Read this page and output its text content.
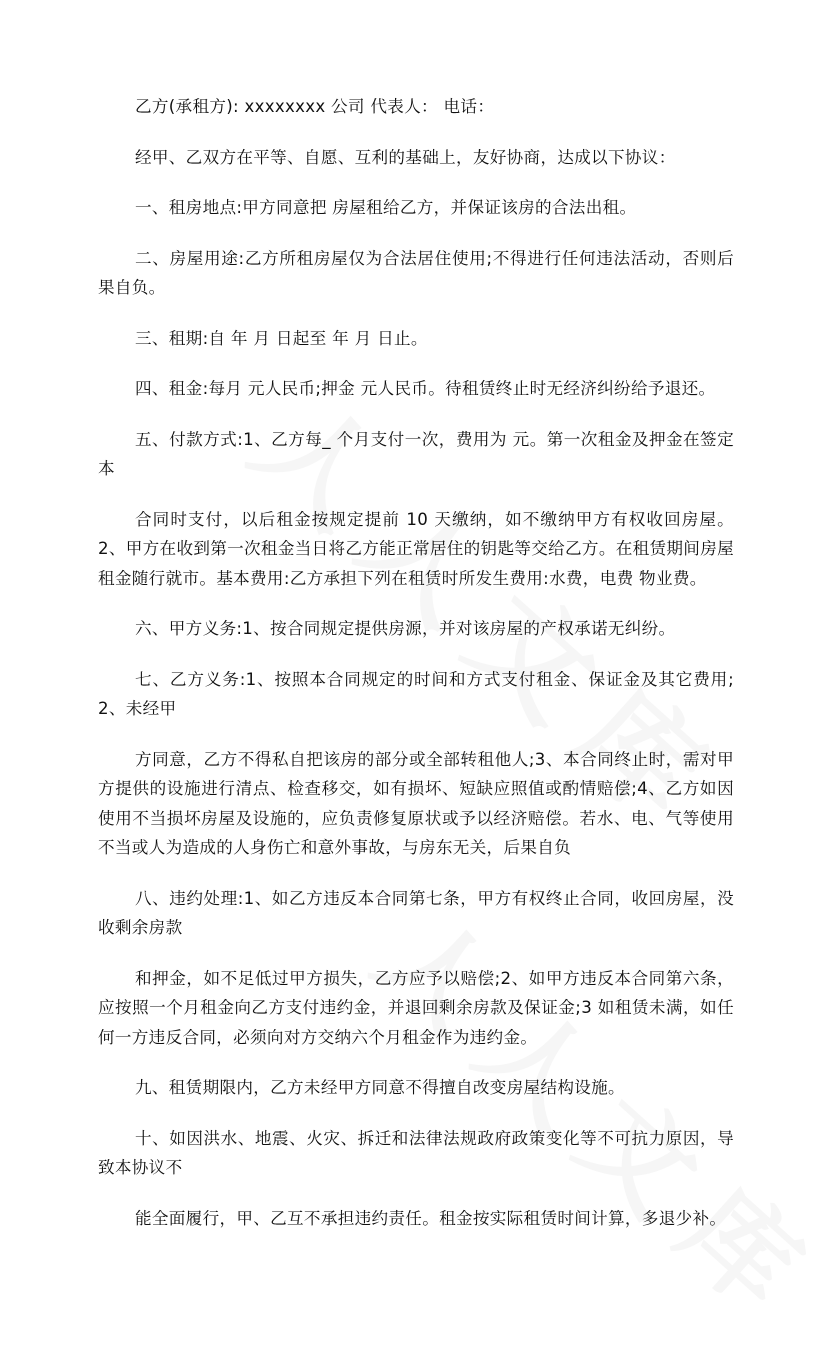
乙方(承租方): xxxxxxxx 公司 代表人： 电话：

经甲、乙双方在平等、自愿、互利的基础上，友好协商，达成以下协议：

一、租房地点:甲方同意把 房屋租给乙方，并保证该房的合法出租。

二、房屋用途:乙方所租房屋仅为合法居住使用;不得进行任何违法活动，否则后果自负。

三、租期:自 年 月 日起至 年 月 日止。

四、租金:每月 元人民币;押金 元人民币。待租赁终止时无经济纠纷给予退还。

五、付款方式:1、乙方每_ 个月支付一次，费用为 元。第一次租金及押金在签定本

合同时支付，以后租金按规定提前 10 天缴纳，如不缴纳甲方有权收回房屋。2、甲方在收到第一次租金当日将乙方能正常居住的钥匙等交给乙方。在租赁期间房屋租金随行就市。基本费用:乙方承担下列在租赁时所发生费用:水费，电费 物业费。

六、甲方义务:1、按合同规定提供房源，并对该房屋的产权承诺无纠纷。

七、乙方义务:1、按照本合同规定的时间和方式支付租金、保证金及其它费用;2、未经甲

方同意，乙方不得私自把该房的部分或全部转租他人;3、本合同终止时，需对甲方提供的设施进行清点、检查移交，如有损坏、短缺应照值或酌情赔偿;4、乙方如因使用不当损坏房屋及设施的，应负责修复原状或予以经济赔偿。若水、电、气等使用不当或人为造成的人身伤亡和意外事故，与房东无关，后果自负

八、违约处理:1、如乙方违反本合同第七条，甲方有权终止合同，收回房屋，没收剩余房款

和押金，如不足低过甲方损失，乙方应予以赔偿;2、如甲方违反本合同第六条，应按照一个月租金向乙方支付违约金，并退回剩余房款及保证金;3 如租赁未满，如任何一方违反合同，必须向对方交纳六个月租金作为违约金。

九、租赁期限内，乙方未经甲方同意不得擅自改变房屋结构设施。

十、如因洪水、地震、火灾、拆迁和法律法规政府政策变化等不可抗力原因，导致本协议不

能全面履行，甲、乙互不承担违约责任。租金按实际租赁时间计算，多退少补。
